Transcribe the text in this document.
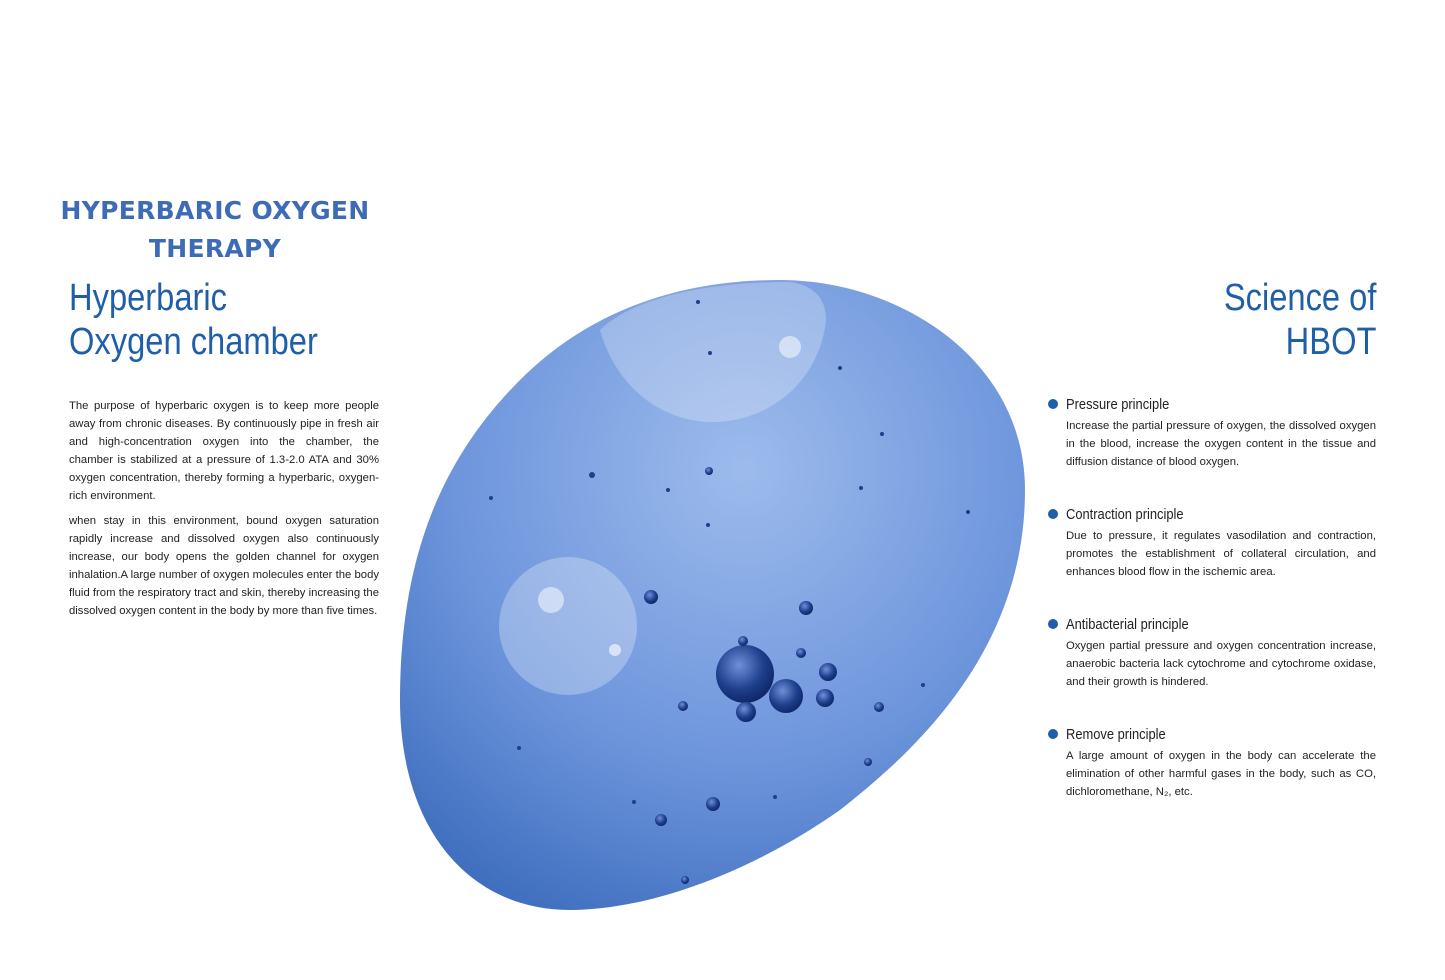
HYPERBARIC OXYGEN
THERAPY
Hyperbaric
Oxygen chamber

The purpose of hyperbaric oxygen is to keep more people away from chronic diseases. By continuously pipe in fresh air and high-concentration oxygen into the chamber, the chamber is stabilized at a pressure of 1.3-2.0 ATA and 30% oxygen concentration, thereby forming a hyperbaric, oxygen-rich environment.

when stay in this environment, bound oxygen saturation rapidly increase and dissolved oxygen also continuously increase, our body opens the golden channel for oxygen inhalation.A large number of oxygen molecules enter the body fluid from the respiratory tract and skin, thereby increasing the dissolved oxygen content in the body by more than five times.

Science of
HBOT
Pressure principle
Increase the partial pressure of oxygen, the dissolved oxygen in the blood, increase the oxygen content in the tissue and diffusion distance of blood oxygen.
Contraction principle
Due to pressure, it regulates vasodilation and contraction, promotes the establishment of collateral circulation, and enhances blood flow in the ischemic area.
Antibacterial principle
Oxygen partial pressure and oxygen concentration increase, anaerobic bacteria lack cytochrome and cytochrome oxidase, and their growth is hindered.
Remove principle
A large amount of oxygen in the body can accelerate the elimination of other harmful gases in the body, such as CO, dichloromethane, N₂, etc.
